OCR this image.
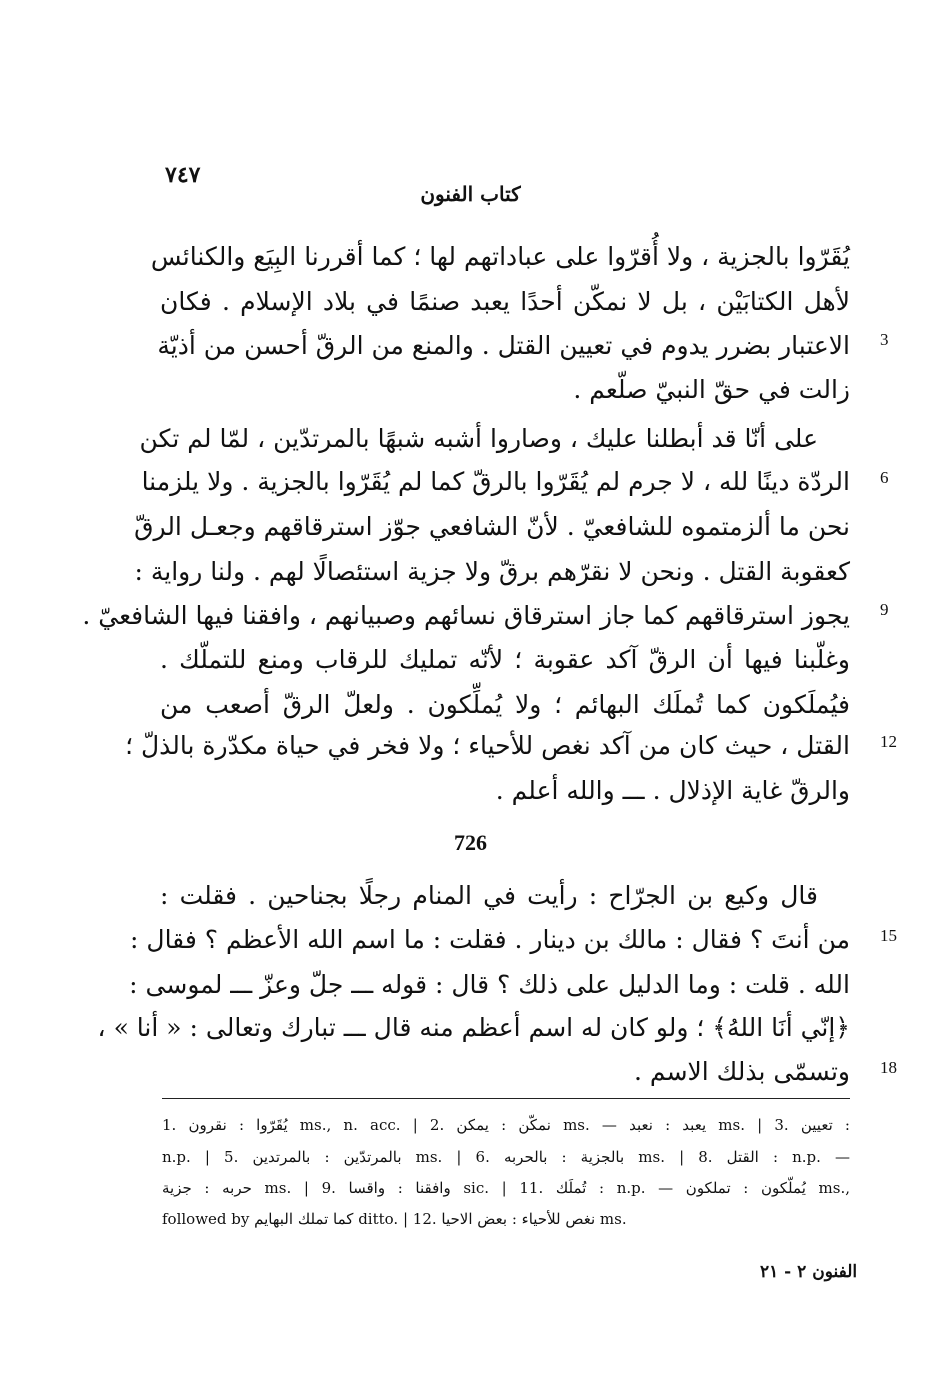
٧٤٧
كتاب الفنون
يُقَرّوا بالجزية ، ولا أُقرّوا على عباداتهم لها ؛ كما أقررنا البِيَع والكنائس
لأهل الكتابَيْن ، بل لا نمكّن أحدًا يعبد صنمًا في بلاد الإسلام . فكان
الاعتبار بضرر يدوم في تعيين القتل . والمنع من الرقّ أحسن من أذيّة
زالت في حقّ النبيّ صلّعم .
على أنّا قد أبطلنا عليك ، وصاروا أشبه شبهًا بالمرتدّين ، لمّا لم تكن
الردّة دينًا لله ، لا جرم لم يُقَرّوا بالرقّ كما لم يُقَرّوا بالجزية . ولا يلزمنا
نحن ما ألزمتموه للشافعيّ . لأنّ الشافعي جوّز استرقاقهم وجعـل الرقّ
كعقوبة القتل . ونحن لا نقرّهم برقّ ولا جزية استئصالًا لهم . ولنا رواية :
يجوز استرقاقهم كما جاز استرقاق نسائهم وصبيانهم ، وافقنا فيها الشافعيّ .
وغلّبنا فيها أن الرقّ آكد عقوبة ؛ لأنّه تمليك للرقاب ومنع للتملّك .
فيُملَكون كما تُملَك البهائم ؛ ولا يُملِّكون . ولعلّ الرقّ أصعب من
القتل ، حيث كان من آكد نغص للأحياء ؛ ولا فخر في حياة مكدّرة بالذلّ ؛
والرقّ غاية الإذلال . ـــ والله أعلم .
3
6
9
12
726
قال وكيع بن الجرّاح : رأيت في المنام رجلًا بجناحين . فقلت :
من أنتَ ؟ فقال : مالك بن دينار . فقلت : ما اسم الله الأعظم ؟ فقال :
الله . قلت : وما الدليل على ذلك ؟ قال : قوله ـــ جلّ وعزّ ـــ لموسى :
﴿إنّي أنَا اللهُ﴾ ؛ ولو كان له اسم أعظم منه قال ـــ تبارك وتعالى : « أنا » ،
وتسمّى بذلك الاسم .
15
18
1. يُقَرّوا : نقرون ms., n. acc. | 2. نمكّن : يمكن ms. — يعبد : نعبد ms. | 3. تعيين :
n.p. | 5. بالمرتدّين : بالمرتدين ms. | 6. بالجزية : بالحربه ms. | 8. القتل : n.p. —
حربه : جزية ms. | 9. وافقنا : واقسا sic. | 11. تُملَك : n.p. — يُملّكون : تملكون ms.,
followed by كما تملك البهايم ditto. | 12. نغص للأحياء : بعض الاحيا ms.
الفنون ٢ - ٢١
